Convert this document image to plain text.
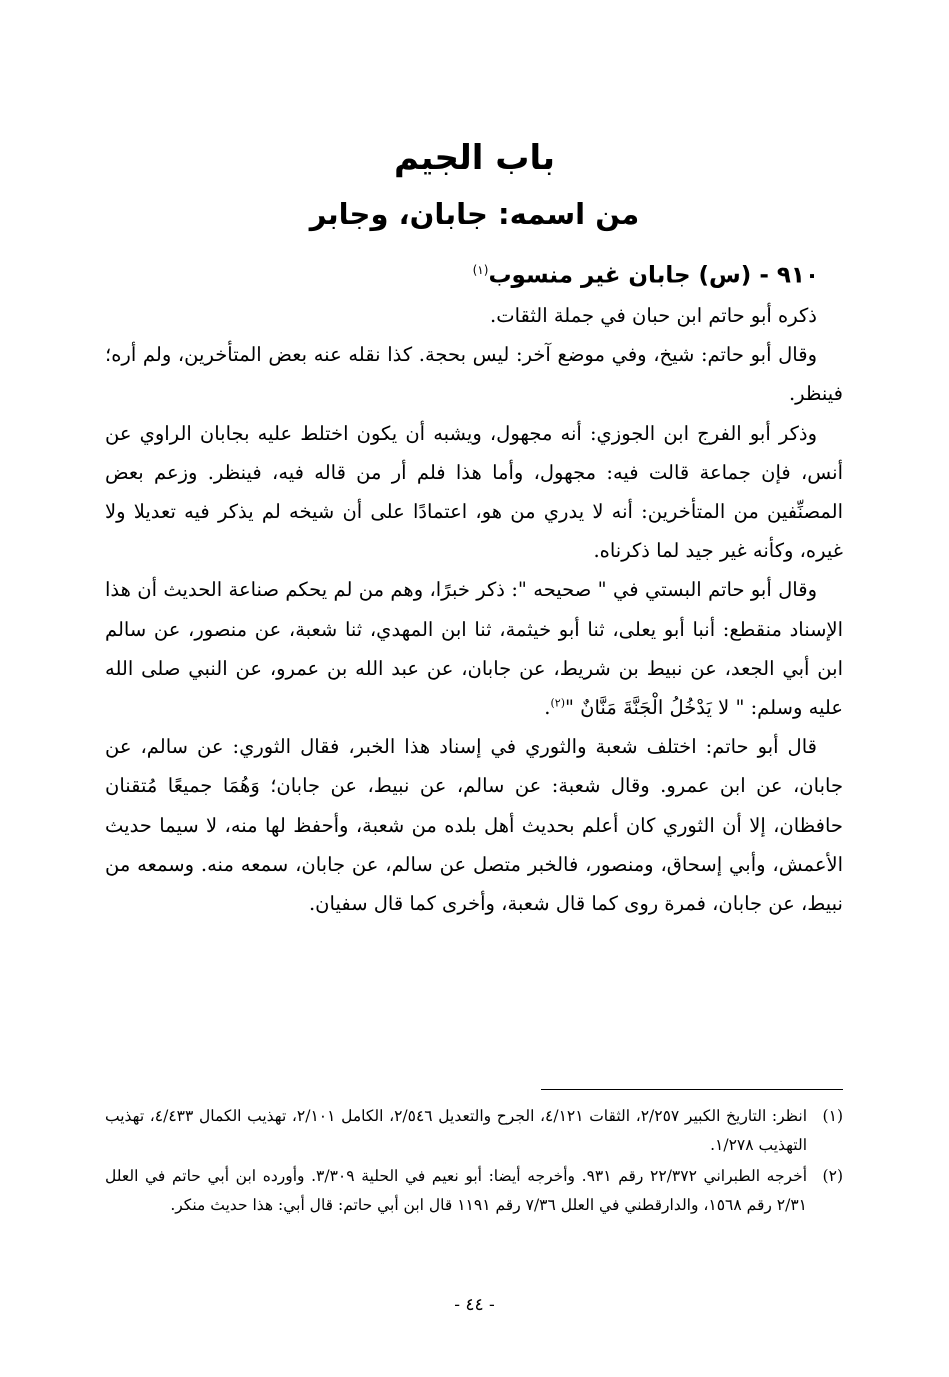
باب الجيم
من اسمه: جابان، وجابر
٩١٠ - (س) جابان غير منسوب$^{(١)}$

ذكره أبو حاتم ابن حبان في جملة الثقات.

وقال أبو حاتم: شيخ، وفي موضع آخر: ليس بحجة. كذا نقله عنه بعض المتأخرين، ولم أره؛ فينظر.

وذكر أبو الفرج ابن الجوزي: أنه مجهول، ويشبه أن يكون اختلط عليه بجابان الراوي عن أنس، فإن جماعة قالت فيه: مجهول، وأما هذا فلم أر من قاله فيه، فينظر. وزعم بعض المصنِّفين من المتأخرين: أنه لا يدري من هو، اعتمادًا على أن شيخه لم يذكر فيه تعديلا ولا غيره، وكأنه غير جيد لما ذكرناه.

وقال أبو حاتم البستي في " صحيحه ": ذكر خبرًا، وهم من لم يحكم صناعة الحديث أن هذا الإسناد منقطع: أنبا أبو يعلى، ثنا أبو خيثمة، ثنا ابن المهدي، ثنا شعبة، عن منصور، عن سالم ابن أبي الجعد، عن نبيط بن شريط، عن جابان، عن عبد الله بن عمرو، عن النبي صلى الله عليه وسلم: " لا يَدْخُلُ الْجَنَّةَ مَنَّانٌ "$^{(٢)}$.

قال أبو حاتم: اختلف شعبة والثوري في إسناد هذا الخبر، فقال الثوري: عن سالم، عن جابان، عن ابن عمرو. وقال شعبة: عن سالم، عن نبيط، عن جابان؛ وَهُمَا جميعًا مُتقنان حافظان، إلا أن الثوري كان أعلم بحديث أهل بلده من شعبة، وأحفظ لها منه، لا سيما حديث الأعمش، وأبي إسحاق، ومنصور، فالخبر متصل عن سالم، عن جابان، سمعه منه. وسمعه من نبيط، عن جابان، فمرة روى كما قال شعبة، وأخرى كما قال سفيان.

(١)
انظر: التاريخ الكبير ٢/٢٥٧، الثقات ٤/١٢١، الجرح والتعديل ٢/٥٤٦، الكامل ٢/١٠١، تهذيب الكمال ٤/٤٣٣، تهذيب التهذيب ١/٢٧٨.
(٢)
أخرجه الطبراني ٢٢/٣٧٢ رقم ٩٣١. وأخرجه أيضا: أبو نعيم في الحلية ٣/٣٠٩. وأورده ابن أبي حاتم في العلل ٢/٣١ رقم ١٥٦٨، والدارقطني في العلل ٧/٣٦ رقم ١١٩١ قال ابن أبي حاتم: قال أبي: هذا حديث منكر.
- ٤٤ -
